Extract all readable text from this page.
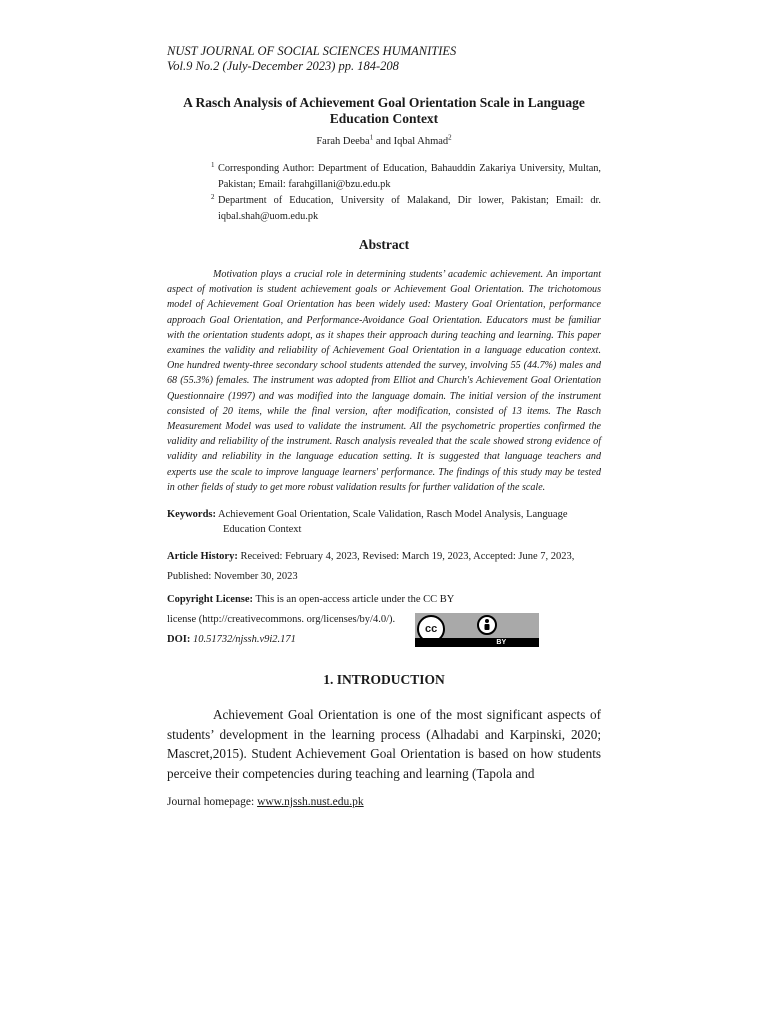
NUST JOURNAL OF SOCIAL SCIENCES HUMANITIES
Vol.9 No.2 (July-December 2023) pp. 184-208
A Rasch Analysis of Achievement Goal Orientation Scale in Language Education Context
Farah Deeba$^1$ and Iqbal Ahmad$^2$
1 Corresponding Author: Department of Education, Bahauddin Zakariya University, Multan, Pakistan; Email: farahgillani@bzu.edu.pk
2 Department of Education, University of Malakand, Dir lower, Pakistan; Email: dr. iqbal.shah@uom.edu.pk
Abstract
Motivation plays a crucial role in determining students’ academic achievement. An important aspect of motivation is student achievement goals or Achievement Goal Orientation. The trichotomous model of Achievement Goal Orientation has been widely used: Mastery Goal Orientation, performance approach Goal Orientation, and Performance-Avoidance Goal Orientation. Educators must be familiar with the orientation students adopt, as it shapes their approach during teaching and learning. This paper examines the validity and reliability of Achievement Goal Orientation in a language education context. One hundred twenty-three secondary school students attended the survey, involving 55 (44.7%) males and 68 (55.3%) females. The instrument was adopted from Elliot and Church's Achievement Goal Orientation Questionnaire (1997) and was modified into the language domain. The initial version of the instrument consisted of 20 items, while the final version, after modification, consisted of 13 items. The Rasch Measurement Model was used to validate the instrument. All the psychometric properties confirmed the validity and reliability of the instrument. Rasch analysis revealed that the scale showed strong evidence of validity and reliability in the language education setting. It is suggested that language teachers and experts use the scale to improve language learners' performance. The findings of this study may be tested in other fields of study to get more robust validation results for further validation of the scale.
Keywords: Achievement Goal Orientation, Scale Validation, Rasch Model Analysis, Language Education Context
Article History: Received: February 4, 2023, Revised: March 19, 2023, Accepted: June 7, 2023, Published: November 30, 2023
Copyright License: This is an open-access article under the CC BY
license (http://creativecommons. org/licenses/by/4.0/).
DOI: 10.51732/njssh.v9i2.171
cc
BY
1. INTRODUCTION
Achievement Goal Orientation is one of the most significant aspects of students’ development in the learning process (Alhadabi and Karpinski, 2020; Mascret,2015). Student Achievement Goal Orientation is based on how students perceive their competencies during teaching and learning (Tapola and
Journal homepage: www.njssh.nust.edu.pk
